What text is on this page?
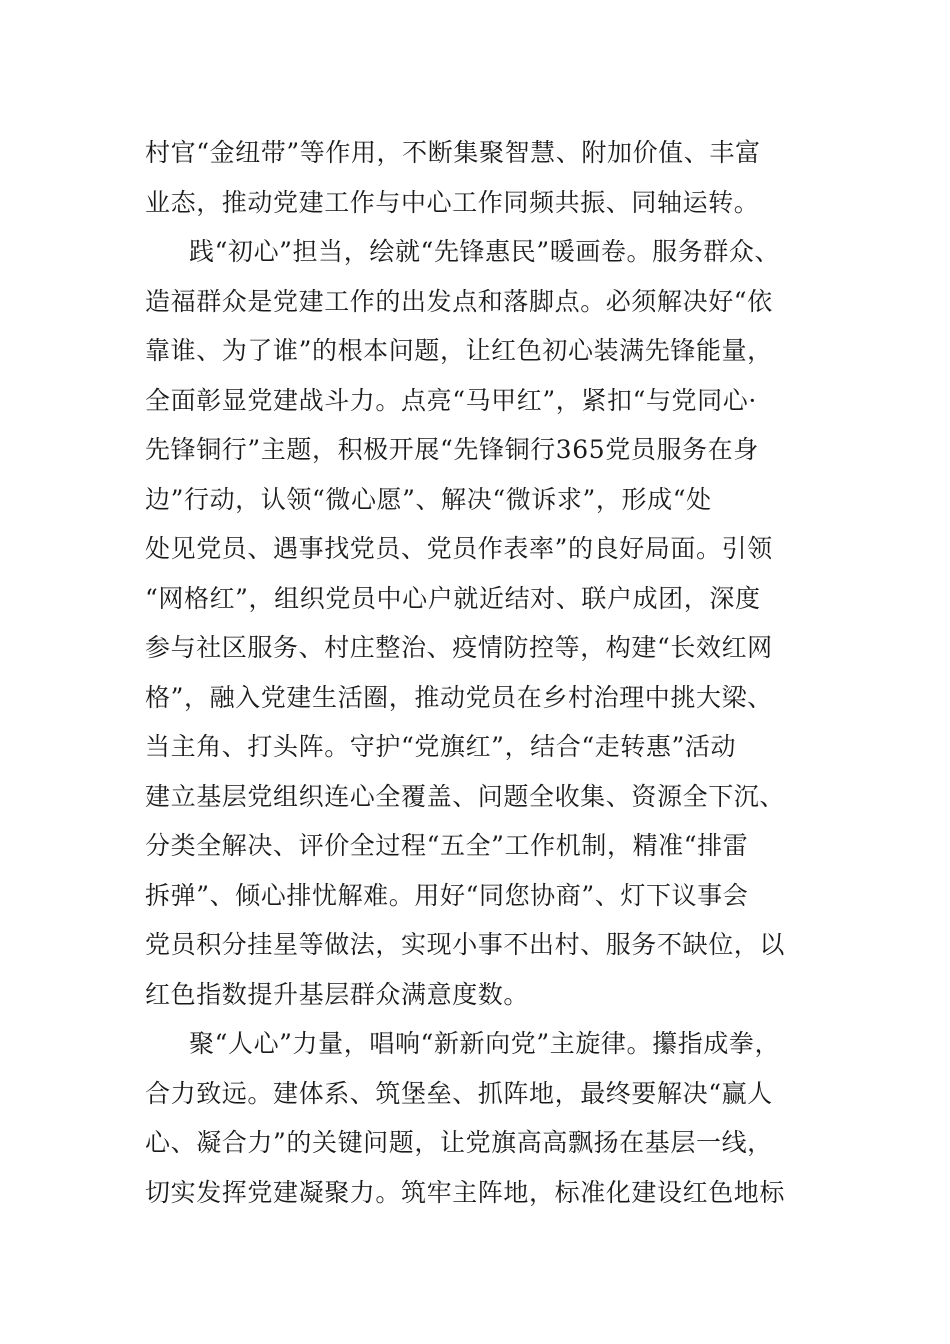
村官“金纽带”等作用，不断集聚智慧、附加价值、丰富
业态，推动党建工作与中心工作同频共振、同轴运转。
践“初心”担当，绘就“先锋惠民”暖画卷。服务群众、
造福群众是党建工作的出发点和落脚点。必须解决好“依
靠谁、为了谁”的根本问题，让红色初心装满先锋能量，
全面彰显党建战斗力。点亮“马甲红”，紧扣“与党同心·
先锋铜行”主题，积极开展“先锋铜行365党员服务在身
边”行动，认领“微心愿”、解决“微诉求”，形成“处
处见党员、遇事找党员、党员作表率”的良好局面。引领
“网格红”，组织党员中心户就近结对、联户成团，深度
参与社区服务、村庄整治、疫情防控等，构建“长效红网
格”，融入党建生活圈，推动党员在乡村治理中挑大梁、
当主角、打头阵。守护“党旗红”，结合“走转惠”活动
建立基层党组织连心全覆盖、问题全收集、资源全下沉、
分类全解决、评价全过程“五全”工作机制，精准“排雷
拆弹”、倾心排忧解难。用好“同您协商”、灯下议事会
党员积分挂星等做法，实现小事不出村、服务不缺位，以
红色指数提升基层群众满意度数。
聚“人心”力量，唱响“新新向党”主旋律。攥指成拳，
合力致远。建体系、筑堡垒、抓阵地，最终要解决“赢人
心、凝合力”的关键问题，让党旗高高飘扬在基层一线，
切实发挥党建凝聚力。筑牢主阵地，标准化建设红色地标
